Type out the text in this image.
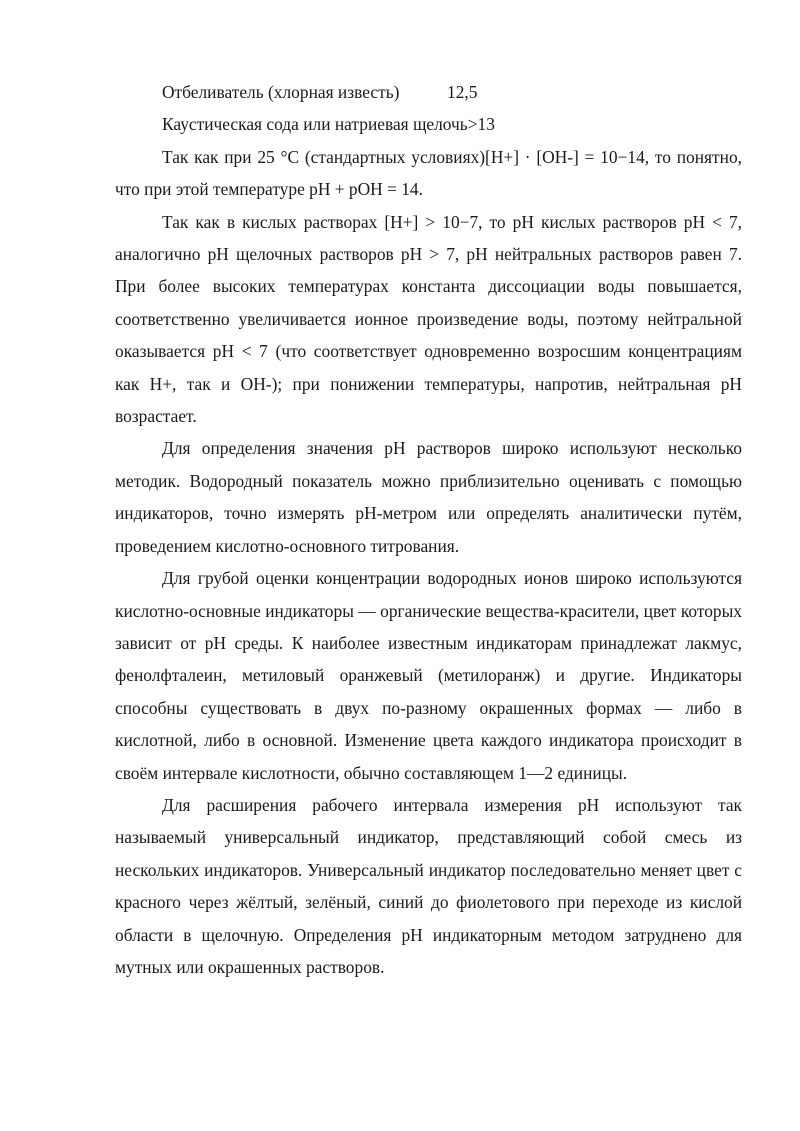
Отбеливатель (хлорная известь)	12,5
Каустическая сода или натриевая щелочь >13

Так как при 25 °C (стандартных условиях)[H+] · [OH-] = 10−14, то понятно, что при этой температуре pH + pOH = 14.

Так как в кислых растворах [H+] > 10−7, то pH кислых растворов pH < 7, аналогично pH щелочных растворов pH > 7, pH нейтральных растворов равен 7. При более высоких температурах константа диссоциации воды повышается, соответственно увеличивается ионное произведение воды, поэтому нейтральной оказывается pH < 7 (что соответствует одновременно возросшим концентрациям как H+, так и OH-); при понижении температуры, напротив, нейтральная pH возрастает.

Для определения значения pH растворов широко используют несколько методик. Водородный показатель можно приблизительно оценивать с помощью индикаторов, точно измерять pH-метром или определять аналитически путём, проведением кислотно-основного титрования.

Для грубой оценки концентрации водородных ионов широко используются кислотно-основные индикаторы — органические вещества-красители, цвет которых зависит от pH среды. К наиболее известным индикаторам принадлежат лакмус, фенолфталеин, метиловый оранжевый (метилоранж) и другие. Индикаторы способны существовать в двух по-разному окрашенных формах — либо в кислотной, либо в основной. Изменение цвета каждого индикатора происходит в своём интервале кислотности, обычно составляющем 1—2 единицы.

Для расширения рабочего интервала измерения pH используют так называемый универсальный индикатор, представляющий собой смесь из нескольких индикаторов. Универсальный индикатор последовательно меняет цвет с красного через жёлтый, зелёный, синий до фиолетового при переходе из кислой области в щелочную. Определения pH индикаторным методом затруднено для мутных или окрашенных растворов.
